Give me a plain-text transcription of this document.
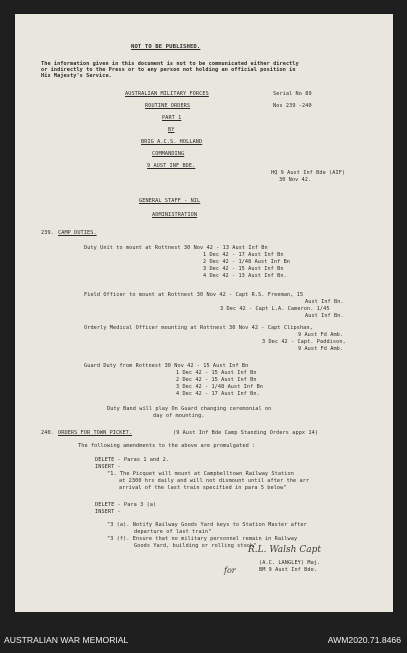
NOT TO BE PUBLISHED.
The information given in this document is not to be communicated either directly
or indirectly to the Press or to any person not holding an official position in
His Majesty's Service.
AUSTRALIAN MILITARY FORCES
ROUTINE ORDERS
PART 1
BY
BRIG A.C.S. HOLLAND
COMMANDING
9 AUST INF BDE.
Serial No 89
Nos 239 -240
HQ 9 Aust Inf Bde (AIF)
30 Nov 42.
GENERAL STAFF - NIL
ADMINISTRATION
239. CAMP DUTIES.
Duty Unit to mount at Rottnest 30 Nov 42 - 13 Aust Inf Bn
1 Dec 42 - 17 Aust Inf Bn
2 Dec 42 - 1/48 Aust Inf Bn
3 Dec 42 - 15 Aust Inf Bn
4 Dec 42 - 13 Aust Inf Bn.
Field Officer to mount at Rottnest 30 Nov 42 - Capt R.S. Freeman, 15
Aust Inf Bn.
3 Dec 42 - Capt L.A. Cameron. 1/45
Aust Inf Bn.
Orderly Medical Officer mounting at Rottnest 30 Nov 42 - Capt Clipshan,
9 Aust Fd Amb.
3 Dec 42 - Capt. Paddison,
9 Aust Fd Amb.
Guard Duty from Rottnest 30 Nov 42 - 15 Aust Inf Bn
1 Dec 42 - 15 Aust Inf Bn
2 Dec 42 - 15 Aust Inf Bn
3 Dec 42 - 1/48 Aust Inf Bn
4 Dec 42 - 17 Aust Inf Bn.
Duty Band will play On Guard changing ceremonial on
day of mounting.
240. ORDERS FOR TOWN PICKET.	(9 Aust Inf Bde Camp Standing Orders appx 14)
The following amendments to the above are promulgated :
DELETE - Paras 1 and 2.
INSERT -
"1. The Picquet will mount at Campbelltown Railway Station
at 2300 hrs daily and will not dismount until after the arr
arrival of the last train specified in para 5 below"
DELETE - Para 3 (a)
INSERT -
"3 (a). Notify Railway Goods Yard keys to Station Master after
departure of last train"
"3 (f). Ensure that no military personnel remain in Railway
Goods Yard, building or rolling stock"
for
R.L. Walsh Capt
(A.C. LANGLEY) Maj.
BM 9 Aust Inf Bde.
AUSTRALIAN WAR MEMORIAL	AWM2020.71.8466
